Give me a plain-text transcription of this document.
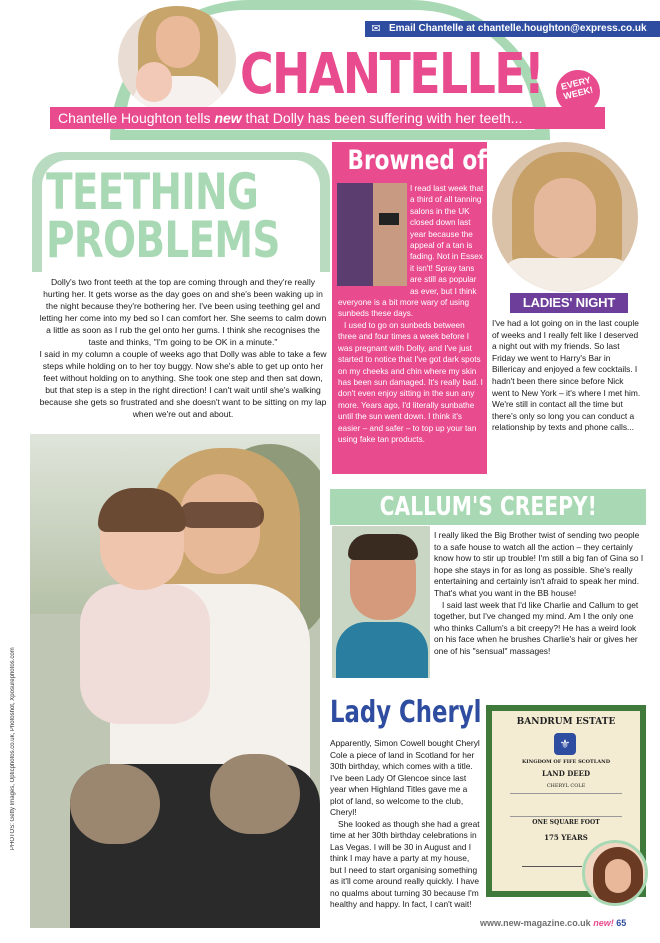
Email Chantelle at chantelle.houghton@express.co.uk
✉
CHANTELLE!	EVERY WEEK!
Chantelle Houghton tells new that Dolly has been suffering with her teeth...
TEETHING
PROBLEMS

Dolly's two front teeth at the top are coming through and they're really hurting her. It gets worse as the day goes on and she's been waking up in the night because they're bothering her. I've been using teething gel and letting her come into my bed so I can comfort her. She seems to calm down a little as soon as I rub the gel onto her gums. I think she recognises the taste and thinks, "I'm going to be OK in a minute."

I said in my column a couple of weeks ago that Dolly was able to take a few steps while holding on to her toy buggy. Now she's able to get up onto her feet without holding on to anything. She took one step and then sat down, but that step is a step in the right direction! I can't wait until she's walking because she gets so frustrated and she doesn't want to be sitting on my lap when we're out and about.

PHOTOS: Getty Images, Opticphotos.co.uk, Photoshot, Xposurephotos.com
Browned off!

I read last week that a third of all tanning salons in the UK closed down last year because the appeal of a tan is fading. Not in Essex it isn't! Spray tans are still as popular as ever, but I think everyone is a bit more wary of using sunbeds these days.

I used to go on sunbeds between three and four times a week before I was pregnant with Dolly, and I've just started to notice that I've got dark spots on my cheeks and chin where my skin has been sun damaged. It's really bad. I don't even enjoy sitting in the sun any more. Years ago, I'd literally sunbathe until the sun went down. I think it's easier – and safer – to top up your tan using fake tan products.

LADIES' NIGHT
I've had a lot going on in the last couple of weeks and I really felt like I deserved a night out with my friends. So last Friday we went to Harry's Bar in Billericay and enjoyed a few cocktails. I hadn't been there since before Nick went to New York – it's where I met him. We're still in contact all the time but there's only so long you can conduct a relationship by texts and phone calls...
CALLUM'S CREEPY!

I really liked the Big Brother twist of sending two people to a safe house to watch all the action – they certainly know how to stir up trouble! I'm still a big fan of Gina so I hope she stays in for as long as possible. She's really entertaining and certainly isn't afraid to speak her mind. That's what you want in the BB house!

I said last week that I'd like Charlie and Callum to get together, but I've changed my mind. Am I the only one who thinks Callum's a bit creepy?! He has a weird look on his face when he brushes Charlie's hair or gives her one of his "sensual" massages!

Lady Cheryl

Apparently, Simon Cowell bought Cheryl Cole a piece of land in Scotland for her 30th birthday, which comes with a title. I've been Lady Of Glencoe since last year when Highland Titles gave me a plot of land, so welcome to the club, Cheryl!

She looked as though she had a great time at her 30th birthday celebrations in Las Vegas. I will be 30 in August and I think I may have a party at my house, but I need to start organising something as it'll come around really quickly. I have no qualms about turning 30 because I'm healthy and happy. In fact, I can't wait!

BANDRUM ESTATE
⚜
KINGDOM OF FIFE SCOTLAND
LAND DEED
CHERYL COLE
ONE SQUARE FOOT
175 YEARS
www.new-magazine.co.uk new! 65
